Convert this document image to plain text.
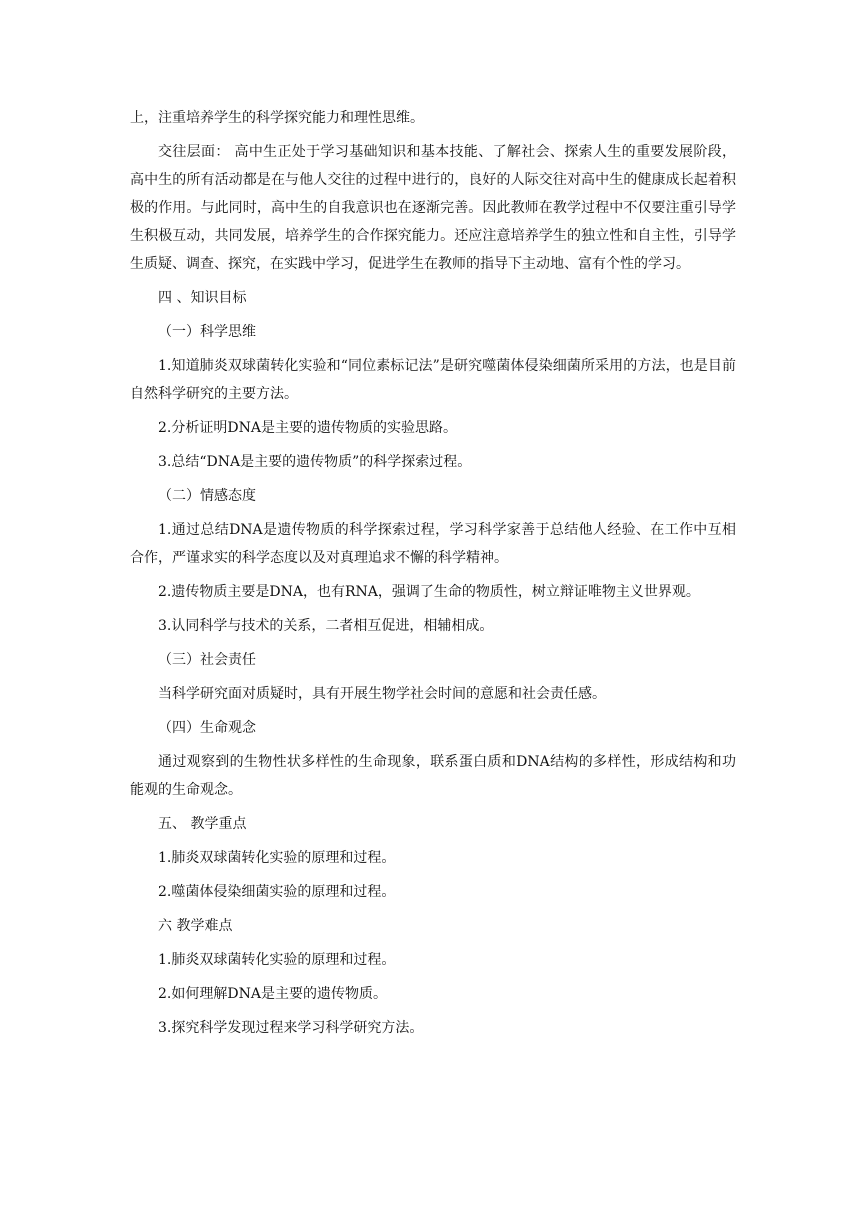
上，注重培养学生的科学探究能力和理性思维。

交往层面： 高中生正处于学习基础知识和基本技能、了解社会、探索人生的重要发展阶段，高中生的所有活动都是在与他人交往的过程中进行的，良好的人际交往对高中生的健康成长起着积极的作用。与此同时，高中生的自我意识也在逐渐完善。因此教师在教学过程中不仅要注重引导学生积极互动，共同发展，培养学生的合作探究能力。还应注意培养学生的独立性和自主性，引导学生质疑、调查、探究，在实践中学习，促进学生在教师的指导下主动地、富有个性的学习。

四 、知识目标

（一）科学思维

1.知道肺炎双球菌转化实验和“同位素标记法”是研究噬菌体侵染细菌所采用的方法，也是目前自然科学研究的主要方法。

2.分析证明DNA是主要的遗传物质的实验思路。

3.总结“DNA是主要的遗传物质”的科学探索过程。

（二）情感态度

1.通过总结DNA是遗传物质的科学探索过程，学习科学家善于总结他人经验、在工作中互相合作，严谨求实的科学态度以及对真理追求不懈的科学精神。

2.遗传物质主要是DNA，也有RNA，强调了生命的物质性，树立辩证唯物主义世界观。

3.认同科学与技术的关系，二者相互促进，相辅相成。

（三）社会责任

当科学研究面对质疑时，具有开展生物学社会时间的意愿和社会责任感。

（四）生命观念

通过观察到的生物性状多样性的生命现象，联系蛋白质和DNA结构的多样性，形成结构和功能观的生命观念。

五、 教学重点

1.肺炎双球菌转化实验的原理和过程。

2.噬菌体侵染细菌实验的原理和过程。

六 教学难点

1.肺炎双球菌转化实验的原理和过程。

2.如何理解DNA是主要的遗传物质。

3.探究科学发现过程来学习科学研究方法。
